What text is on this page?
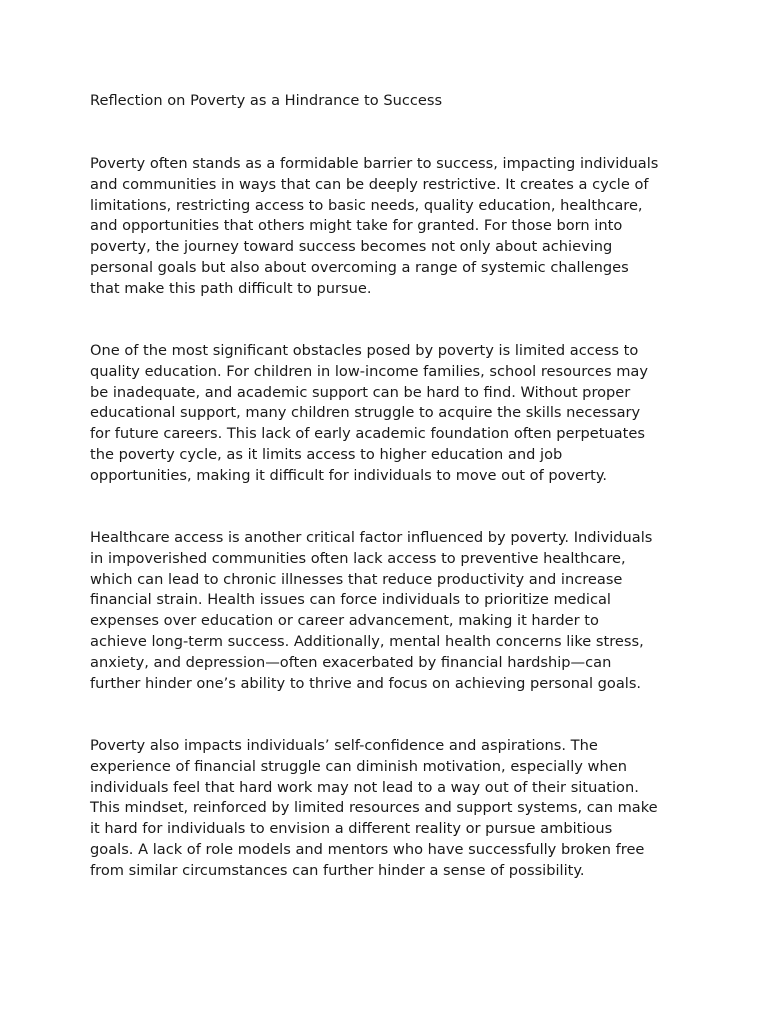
Reflection on Poverty as a Hindrance to Success

Poverty often stands as a formidable barrier to success, impacting individuals
and communities in ways that can be deeply restrictive. It creates a cycle of
limitations, restricting access to basic needs, quality education, healthcare,
and opportunities that others might take for granted. For those born into
poverty, the journey toward success becomes not only about achieving
personal goals but also about overcoming a range of systemic challenges
that make this path difficult to pursue.

One of the most significant obstacles posed by poverty is limited access to
quality education. For children in low-income families, school resources may
be inadequate, and academic support can be hard to find. Without proper
educational support, many children struggle to acquire the skills necessary
for future careers. This lack of early academic foundation often perpetuates
the poverty cycle, as it limits access to higher education and job
opportunities, making it difficult for individuals to move out of poverty.

Healthcare access is another critical factor influenced by poverty. Individuals
in impoverished communities often lack access to preventive healthcare,
which can lead to chronic illnesses that reduce productivity and increase
financial strain. Health issues can force individuals to prioritize medical
expenses over education or career advancement, making it harder to
achieve long-term success. Additionally, mental health concerns like stress,
anxiety, and depression—often exacerbated by financial hardship—can
further hinder one’s ability to thrive and focus on achieving personal goals.

Poverty also impacts individuals’ self-confidence and aspirations. The
experience of financial struggle can diminish motivation, especially when
individuals feel that hard work may not lead to a way out of their situation.
This mindset, reinforced by limited resources and support systems, can make
it hard for individuals to envision a different reality or pursue ambitious
goals. A lack of role models and mentors who have successfully broken free
from similar circumstances can further hinder a sense of possibility.
